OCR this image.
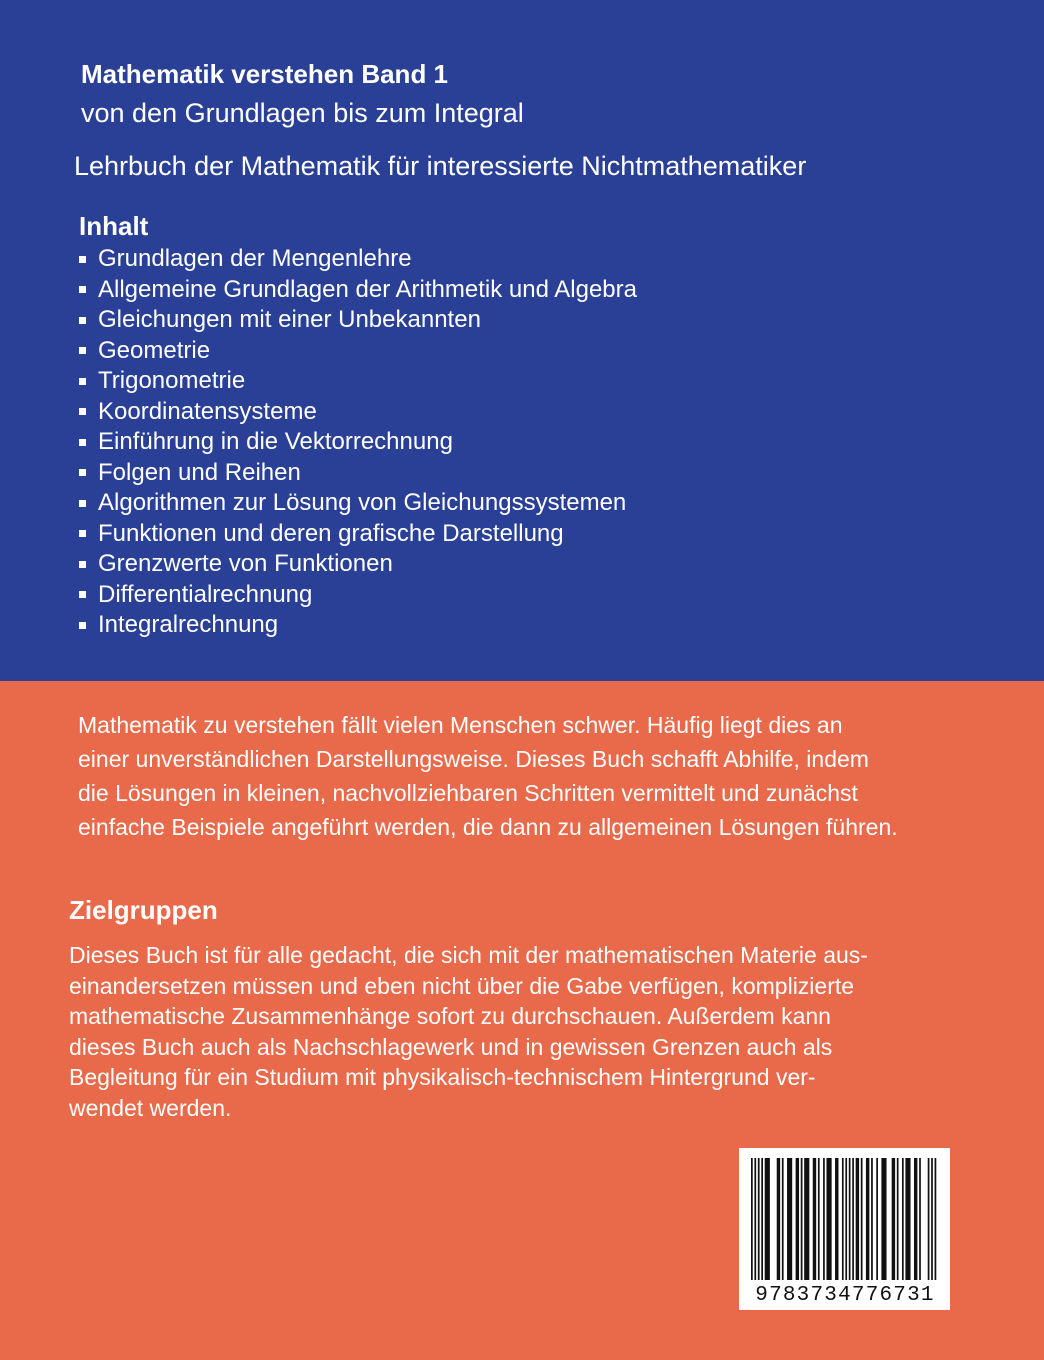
Mathematik verstehen Band 1
von den Grundlagen bis zum Integral
Lehrbuch der Mathematik für interessierte Nichtmathematiker
Inhalt
Grundlagen der Mengenlehre
Allgemeine Grundlagen der Arithmetik und Algebra
Gleichungen mit einer Unbekannten
Geometrie
Trigonometrie
Koordinatensysteme
Einführung in die Vektorrechnung
Folgen und Reihen
Algorithmen zur Lösung von Gleichungssystemen
Funktionen und deren grafische Darstellung
Grenzwerte von Funktionen
Differentialrechnung
Integralrechnung

Mathematik zu verstehen fällt vielen Menschen schwer. Häufig liegt dies an
einer unverständlichen Darstellungsweise. Dieses Buch schafft Abhilfe, indem
die Lösungen in kleinen, nachvollziehbaren Schritten vermittelt und zunächst
einfache Beispiele angeführt werden, die dann zu allgemeinen Lösungen führen.

Zielgruppen

Dieses Buch ist für alle gedacht, die sich mit der mathematischen Materie aus-
einandersetzen müssen und eben nicht über die Gabe verfügen, komplizierte
mathematische Zusammenhänge sofort zu durchschauen. Außerdem kann
dieses Buch auch als Nachschlagewerk und in gewissen Grenzen auch als
Begleitung für ein Studium mit physikalisch-technischem Hintergrund ver-
wendet werden.

9783734776731
